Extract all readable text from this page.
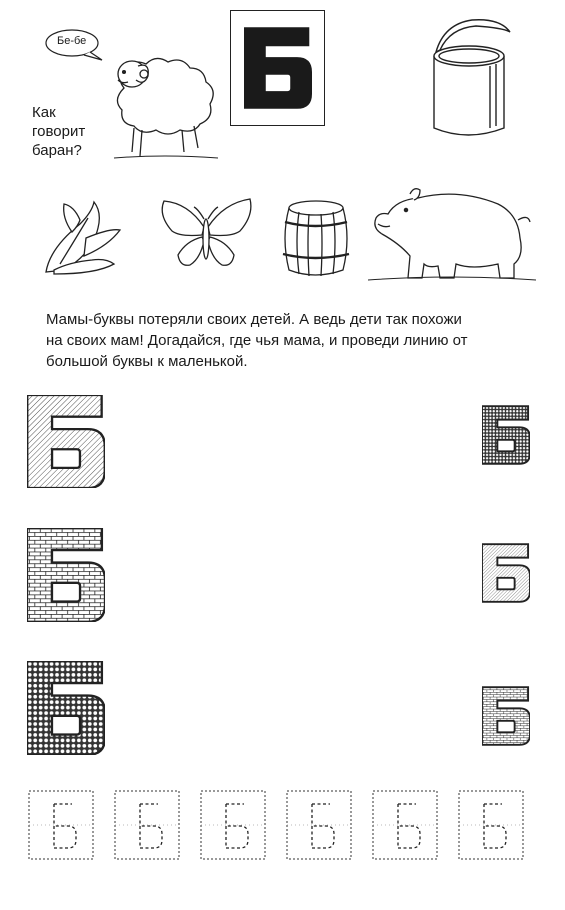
Бе-бе
Как
говорит
баран?
Мамы-буквы потеряли своих детей. А ведь дети так похожи
на своих мам! Догадайся, где чья мама, и проведи линию от
большой буквы к маленькой.
